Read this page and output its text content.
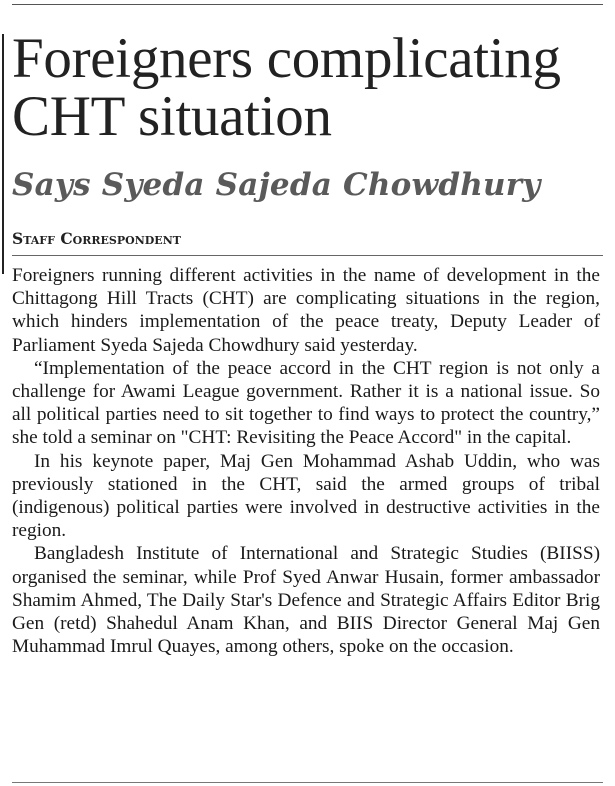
Foreigners complicating CHT situation
Says Syeda Sajeda Chowdhury
Staff Correspondent

Foreigners running different activities in the name of development in the Chittagong Hill Tracts (CHT) are complicating situations in the region, which hinders implementation of the peace treaty, Deputy Leader of Parliament Syeda Sajeda Chowdhury said yesterday.

“Implementation of the peace accord in the CHT region is not only a challenge for Awami League government. Rather it is a national issue. So all political parties need to sit together to find ways to protect the country,” she told a seminar on "CHT: Revisiting the Peace Accord" in the capital.

In his keynote paper, Maj Gen Mohammad Ashab Uddin, who was previously stationed in the CHT, said the armed groups of tribal (indigenous) political parties were involved in destructive activities in the region.

Bangladesh Institute of International and Strategic Studies (BIISS) organised the seminar, while Prof Syed Anwar Husain, former ambassador Shamim Ahmed, The Daily Star's Defence and Strategic Affairs Editor Brig Gen (retd) Shahedul Anam Khan, and BIIS Director General Maj Gen Muhammad Imrul Quayes, among others, spoke on the occasion.
